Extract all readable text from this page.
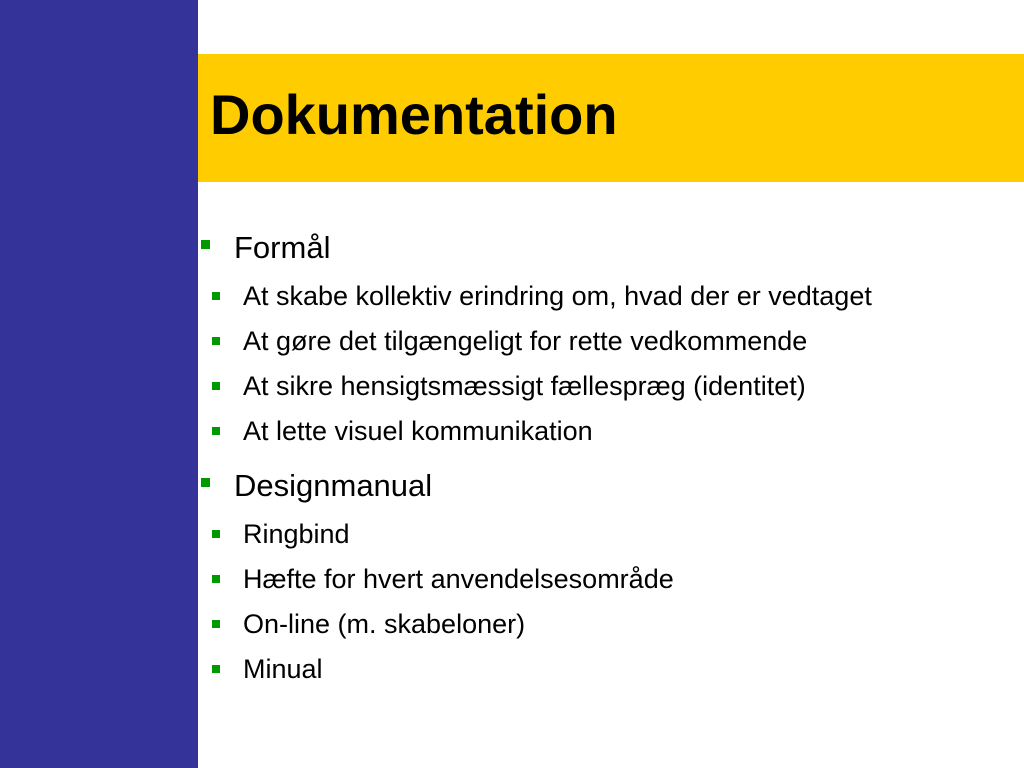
Dokumentation
Formål
At skabe kollektiv erindring om, hvad der er vedtaget
At gøre det tilgængeligt for rette vedkommende
At sikre hensigtsmæssigt fællespræg (identitet)
At lette visuel kommunikation
Designmanual
Ringbind
Hæfte for hvert anvendelsesområde
On-line (m. skabeloner)
Minual
